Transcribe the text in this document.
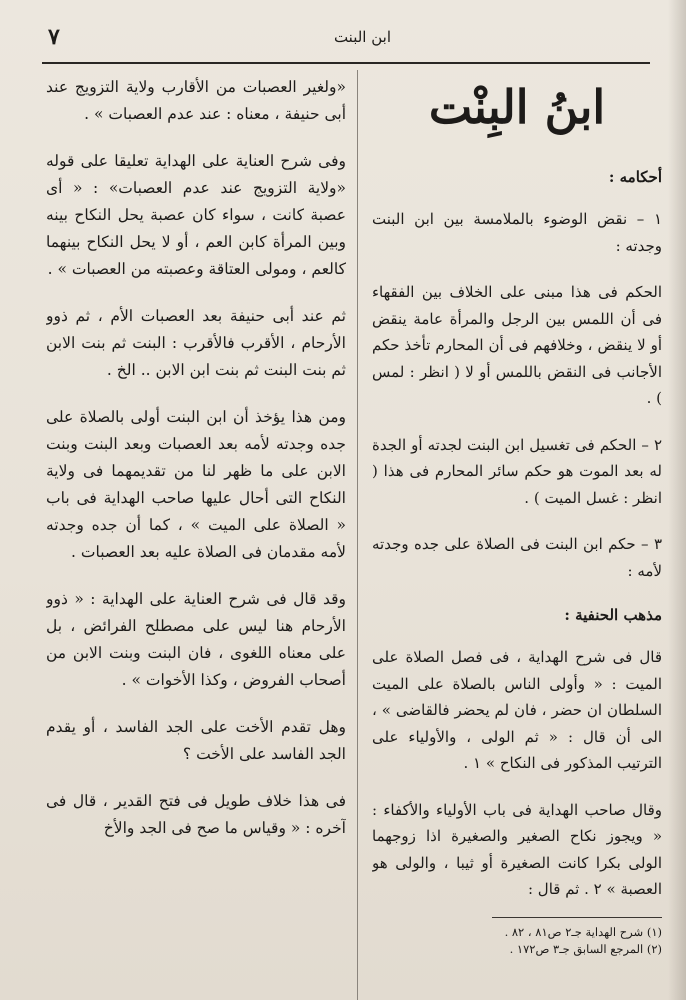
ابن البنت
٧
ابنُ البِنْت
أحكامه :

١ – نقض الوضوء بالملامسة بين ابن البنت وجدته :

الحكم فى هذا مبنى على الخلاف بين الفقهاء فى أن اللمس بين الرجل والمرأة عامة ينقض أو لا ينقض ، وخلافهم فى أن المحارم تأخذ حكم الأجانب فى النقض باللمس أو لا ( انظر : لمس ) .

٢ – الحكم فى تغسيل ابن البنت لجدته أو الجدة له بعد الموت هو حكم سائر المحارم فى هذا ( انظر : غسل الميت ) .

٣ – حكم ابن البنت فى الصلاة على جده وجدته لأمه :

مذهب الحنفية :

قال فى شرح الهداية ، فى فصل الصلاة على الميت : « وأولى الناس بالصلاة على الميت السلطان ان حضر ، فان لم يحضر فالقاضى » ، الى أن قال : « ثم الولى ، والأولياء على الترتيب المذكور فى النكاح » ١ .

وقال صاحب الهداية فى باب الأولياء والأكفاء : « ويجوز نكاح الصغير والصغيرة اذا زوجهما الولى بكرا كانت الصغيرة أو ثيبا ، والولى هو العصبة » ٢ . ثم قال :

(١) شرح الهداية جـ٢ ص٨١ ، ٨٢ .

(٢) المرجع السابق جـ٣ ص١٧٢ .

«ولغير العصبات من الأقارب ولاية التزويج عند أبى حنيفة ، معناه : عند عدم العصبات » .

وفى شرح العناية على الهداية تعليقا على قوله «ولاية التزويج عند عدم العصبات» : « أى عصبة كانت ، سواء كان عصبة يحل النكاح بينه وبين المرأة كابن العم ، أو لا يحل النكاح بينهما كالعم ، ومولى العتاقة وعصبته من العصبات » .

ثم عند أبى حنيفة بعد العصبات الأم ، ثم ذوو الأرحام ، الأقرب فالأقرب : البنت ثم بنت الابن ثم بنت البنت ثم بنت ابن الابن .. الخ .

ومن هذا يؤخذ أن ابن البنت أولى بالصلاة على جده وجدته لأمه بعد العصبات وبعد البنت وبنت الابن على ما ظهر لنا من تقديمهما فى ولاية النكاح التى أحال عليها صاحب الهداية فى باب « الصلاة على الميت » ، كما أن جده وجدته لأمه مقدمان فى الصلاة عليه بعد العصبات .

وقد قال فى شرح العناية على الهداية : « ذوو الأرحام هنا ليس على مصطلح الفرائض ، بل على معناه اللغوى ، فان البنت وبنت الابن من أصحاب الفروض ، وكذا الأخوات » .

وهل تقدم الأخت على الجد الفاسد ، أو يقدم الجد الفاسد على الأخت ؟

فى هذا خلاف طويل فى فتح القدير ، قال فى آخره : « وقياس ما صح فى الجد والأخ
